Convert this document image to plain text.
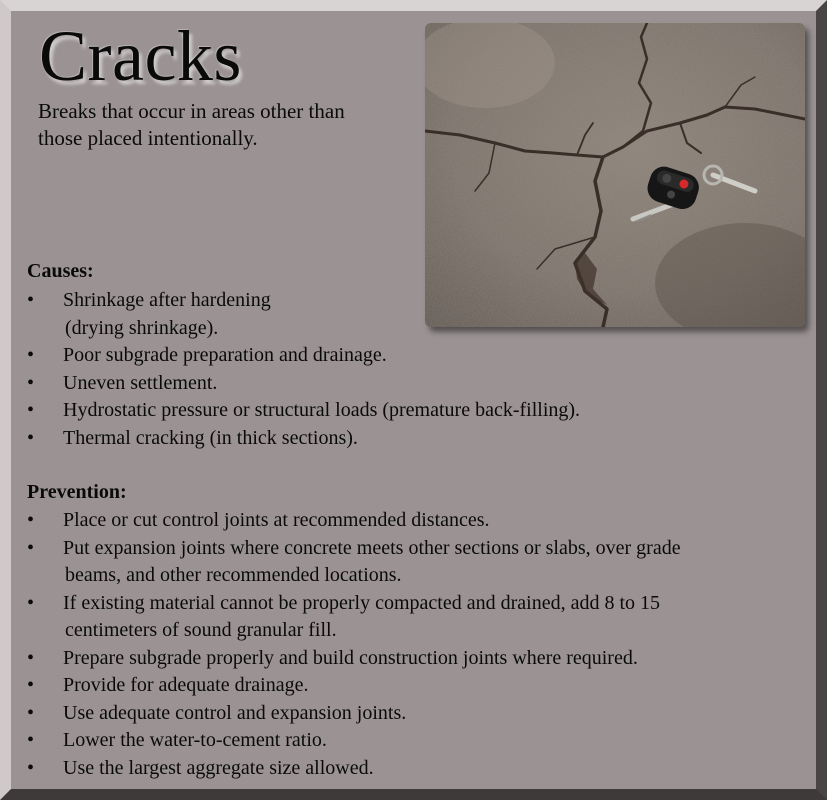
Cracks

Breaks that occur in areas other than
those placed intentionally.

Causes:
•	Shrinkage after hardening
(drying shrinkage).
•	Poor subgrade preparation and drainage.
•	Uneven settlement.
•	Hydrostatic pressure or structural loads (premature back-filling).
•	Thermal cracking (in thick sections).
Prevention:
•	Place or cut control joints at recommended distances.
•	Put expansion joints where concrete meets other sections or slabs, over grade
beams, and other recommended locations.
•	If existing material cannot be properly compacted and drained, add 8 to 15
centimeters of sound granular fill.
•	Prepare subgrade properly and build construction joints where required.
•	Provide for adequate drainage.
•	Use adequate control and expansion joints.
•	Lower the water-to-cement ratio.
•	Use the largest aggregate size allowed.
